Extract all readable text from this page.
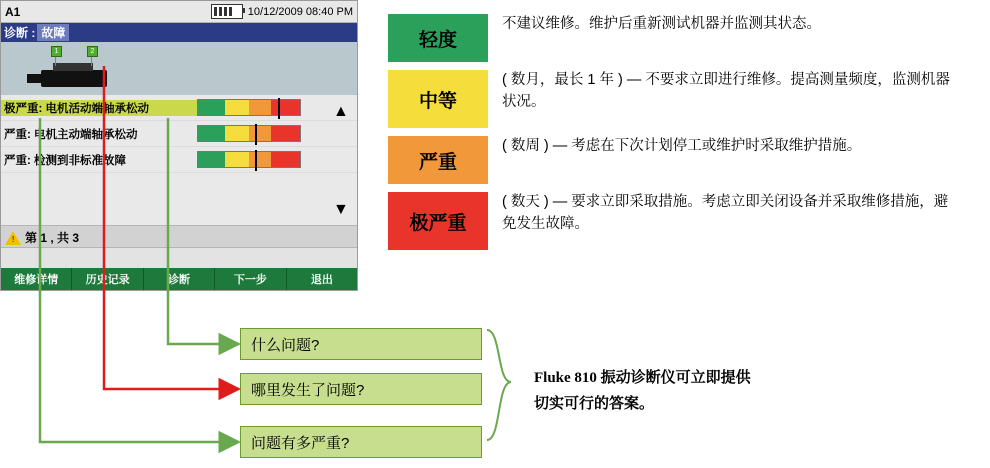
A1	10/12/2009 08:40 PM
诊断 : 故障
1	2
极严重: 电机活动端轴承松动
严重: 电机主动端轴承松动
严重: 检测到非标准故障
▲
▼
! 第 1 , 共 3
维修详情	历史记录	诊断	下一步	退出
轻度
不建议维修。维护后重新测试机器并监测其状态。
中等
( 数月，最长 1 年 ) — 不要求立即进行维修。提高测量频度，监测机器状况。
严重
( 数周 ) — 考虑在下次计划停工或维护时采取维护措施。
极严重
( 数天 ) — 要求立即采取措施。考虑立即关闭设备并采取维修措施，避免发生故障。
什么问题?
哪里发生了问题?
问题有多严重?
Fluke 810 振动诊断仪可立即提供
切实可行的答案。
